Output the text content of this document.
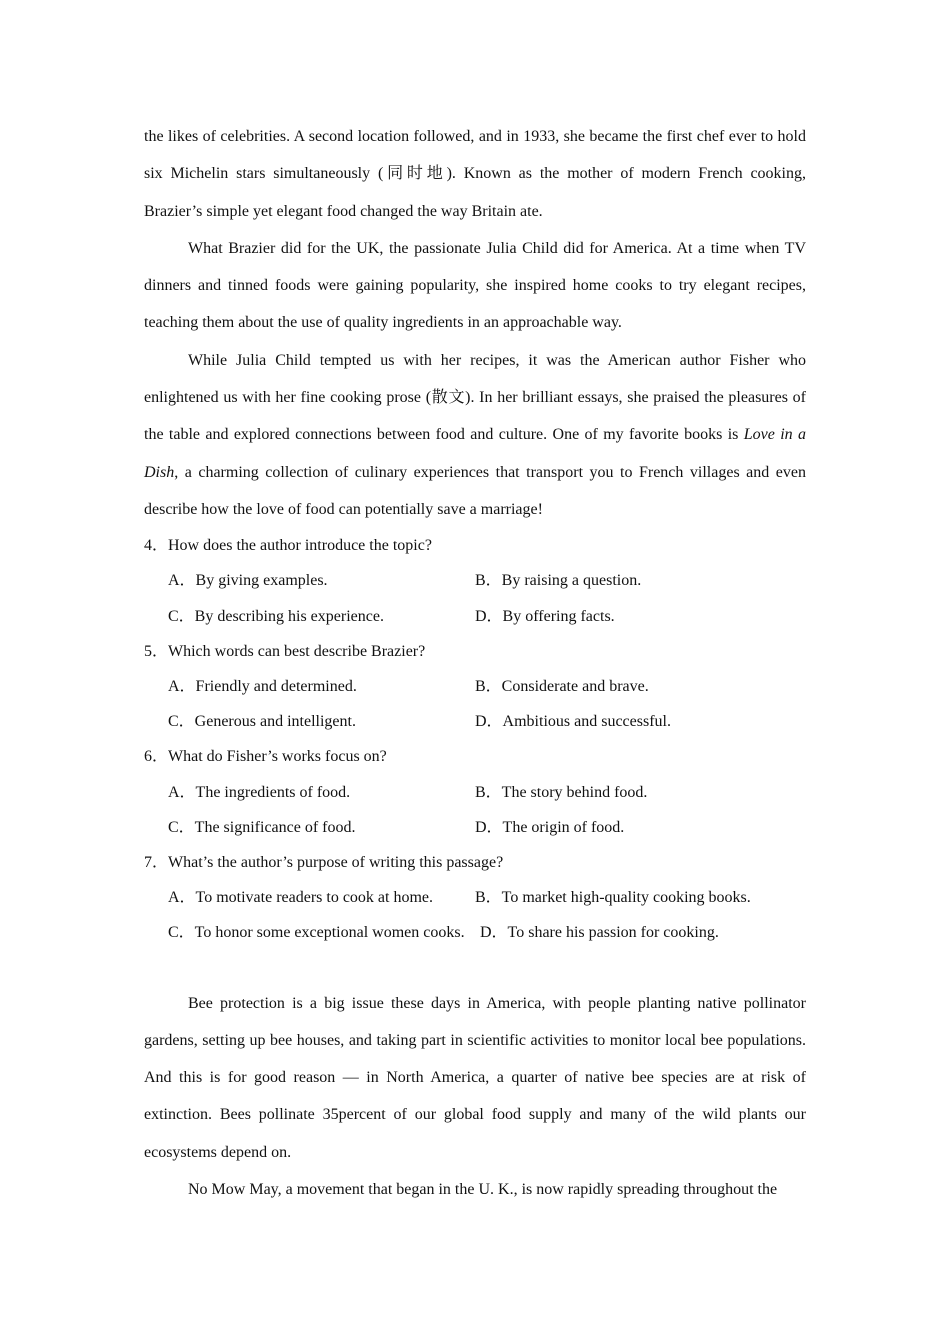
the likes of celebrities. A second location followed, and in 1933, she became the first chef ever to hold six Michelin stars simultaneously (同时地). Known as the mother of modern French cooking, Brazier’s simple yet elegant food changed the way Britain ate.

What Brazier did for the UK, the passionate Julia Child did for America. At a time when TV dinners and tinned foods were gaining popularity, she inspired home cooks to try elegant recipes, teaching them about the use of quality ingredients in an approachable way.

While Julia Child tempted us with her recipes, it was the American author Fisher who enlightened us with her fine cooking prose (散文). In her brilliant essays, she praised the pleasures of the table and explored connections between food and culture. One of my favorite books is Love in a Dish, a charming collection of culinary experiences that transport you to French villages and even describe how the love of food can potentially save a marriage!

4．How does the author introduce the topic?

A．By giving examples.	B．By raising a question.
C．By describing his experience.	D．By offering facts.

5．Which words can best describe Brazier?

A．Friendly and determined.	B．Considerate and brave.
C．Generous and intelligent.	D．Ambitious and successful.

6．What do Fisher’s works focus on?

A．The ingredients of food.	B．The story behind food.
C．The significance of food.	D．The origin of food.

7．What’s the author’s purpose of writing this passage?

A．To motivate readers to cook at home.	B．To market high-quality cooking books.
C．To honor some exceptional women cooks. D．To share his passion for cooking.

Bee protection is a big issue these days in America, with people planting native pollinator gardens, setting up bee houses, and taking part in scientific activities to monitor local bee populations. And this is for good reason — in North America, a quarter of native bee species are at risk of extinction. Bees pollinate 35percent of our global food supply and many of the wild plants our ecosystems depend on.

No Mow May, a movement that began in the U. K., is now rapidly spreading throughout the
